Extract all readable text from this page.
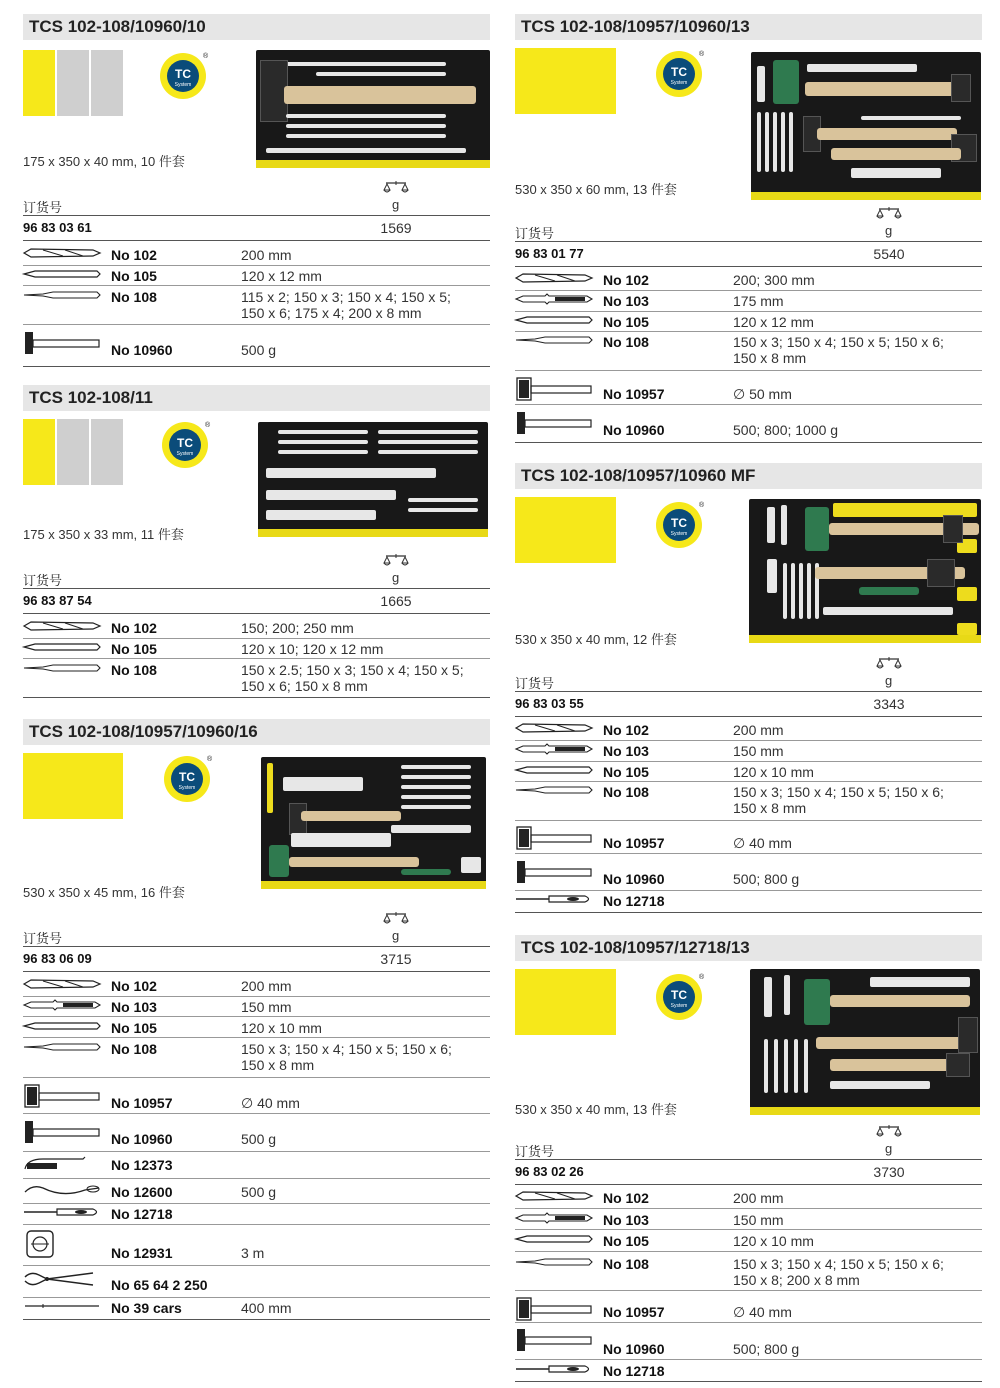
TCS 102-108/10960/10
TC
System
®
175 x 350 x 40 mm, 10 件套
订货号	g
96 83 03 61	1569
No 102	200 mm
No 105	120 x 12 mm
No 108	115 x 2; 150 x 3; 150 x 4; 150 x 5;
150 x 6; 175 x 4; 200 x 8 mm
No 10960	500 g
TCS 102-108/11
TC
System
®
175 x 350 x 33 mm, 11 件套
订货号	g
96 83 87 54	1665
No 102	150; 200; 250 mm
No 105	120 x 10; 120 x 12 mm
No 108	150 x 2.5; 150 x 3; 150 x 4; 150 x 5;
150 x 6; 150 x 8 mm
TCS 102-108/10957/10960/16
TC
System
®
530 x 350 x 45 mm, 16 件套
订货号	g
96 83 06 09	3715
No 102	200 mm
No 103	150 mm
No 105	120 x 10 mm
No 108	150 x 3; 150 x 4; 150 x 5; 150 x 6;
150 x 8 mm
No 10957	∅ 40 mm
No 10960	500 g
No 12373
No 12600	500 g
No 12718
No 12931	3 m
No 65 64 2 250
No 39 cars	400 mm
TCS 102-108/10957/10960/13
TC
System
®
530 x 350 x 60 mm, 13 件套
订货号	g
96 83 01 77	5540
No 102	200; 300 mm
No 103	175 mm
No 105	120 x 12 mm
No 108	150 x 3; 150 x 4; 150 x 5; 150 x 6;
150 x 8 mm
No 10957	∅ 50 mm
No 10960	500; 800; 1000 g
TCS 102-108/10957/10960 MF
TC
System
®
530 x 350 x 40 mm, 12 件套
订货号	g
96 83 03 55	3343
No 102	200 mm
No 103	150 mm
No 105	120 x 10 mm
No 108	150 x 3; 150 x 4; 150 x 5; 150 x 6;
150 x 8 mm
No 10957	∅ 40 mm
No 10960	500; 800 g
No 12718
TCS 102-108/10957/12718/13
TC
System
®
530 x 350 x 40 mm, 13 件套
订货号	g
96 83 02 26	3730
No 102	200 mm
No 103	150 mm
No 105	120 x 10 mm
No 108	150 x 3; 150 x 4; 150 x 5; 150 x 6;
150 x 8; 200 x 8 mm
No 10957	∅ 40 mm
No 10960	500; 800 g
No 12718
